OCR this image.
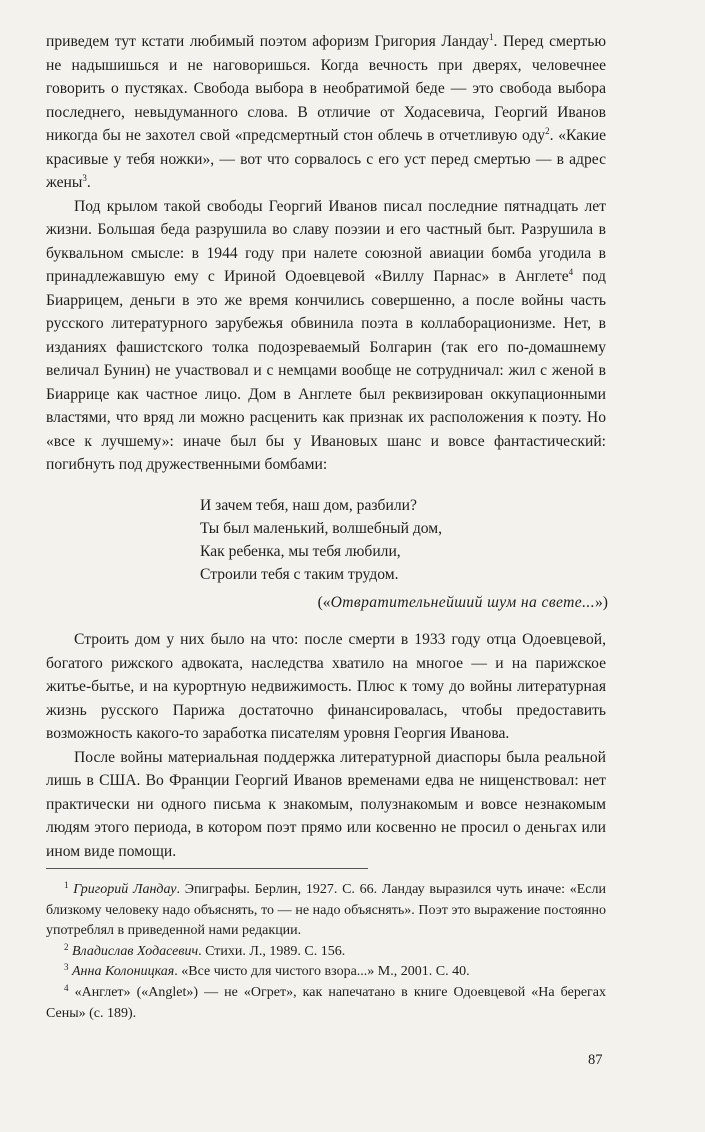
приведем тут кстати любимый поэтом афоризм Григория Ландау$^1$. Перед смертью не надышишься и не наговоришься. Когда вечность при дверях, человечнее говорить о пустяках. Свобода выбора в необратимой беде — это свобода выбора последнего, невыдуманного слова. В отличие от Ходасевича, Георгий Иванов никогда бы не захотел свой «предсмертный стон облечь в отчетливую оду$^2$. «Какие красивые у тебя ножки», — вот что сорвалось с его уст перед смертью — в адрес жены$^3$.

Под крылом такой свободы Георгий Иванов писал последние пятнадцать лет жизни. Большая беда разрушила во славу поэзии и его частный быт. Разрушила в буквальном смысле: в 1944 году при налете союзной авиации бомба угодила в принадлежавшую ему с Ириной Одоевцевой «Виллу Парнас» в Англете$^4$ под Биаррицем, деньги в это же время кончились совершенно, а после войны часть русского литературного зарубежья обвинила поэта в коллаборационизме. Нет, в изданиях фашистского толка подозреваемый Болгарин (так его по-домашнему величал Бунин) не участвовал и с немцами вообще не сотрудничал: жил с женой в Биаррице как частное лицо. Дом в Англете был реквизирован оккупационными властями, что вряд ли можно расценить как признак их расположения к поэту. Но «все к лучшему»: иначе был бы у Ивановых шанс и вовсе фантастический: погибнуть под дружественными бомбами:

И зачем тебя, наш дом, разбили?
Ты был маленький, волшебный дом,
Как ребенка, мы тебя любили,
Строили тебя с таким трудом.
(«Отвратительнейший шум на свете...»)

Строить дом у них было на что: после смерти в 1933 году отца Одоевцевой, богатого рижского адвоката, наследства хватило на многое — и на парижское житье-бытье, и на курортную недвижимость. Плюс к тому до войны литературная жизнь русского Парижа достаточно финансировалась, чтобы предоставить возможность какого-то заработка писателям уровня Георгия Иванова.

После войны материальная поддержка литературной диаспоры была реальной лишь в США. Во Франции Георгий Иванов временами едва не нищенствовал: нет практически ни одного письма к знакомым, полузнакомым и вовсе незнакомым людям этого периода, в котором поэт прямо или косвенно не просил о деньгах или ином виде помощи.

$^1$ Григорий Ландау. Эпиграфы. Берлин, 1927. С. 66. Ландау выразился чуть иначе: «Если близкому человеку надо объяснять, то — не надо объяснять». Поэт это выражение постоянно употреблял в приведенной нами редакции.

$^2$ Владислав Ходасевич. Стихи. Л., 1989. С. 156.

$^3$ Анна Колоницкая. «Все чисто для чистого взора...» М., 2001. С. 40.

$^4$ «Англет» («Anglet») — не «Огрет», как напечатано в книге Одоевцевой «На берегах Сены» (с. 189).

87
